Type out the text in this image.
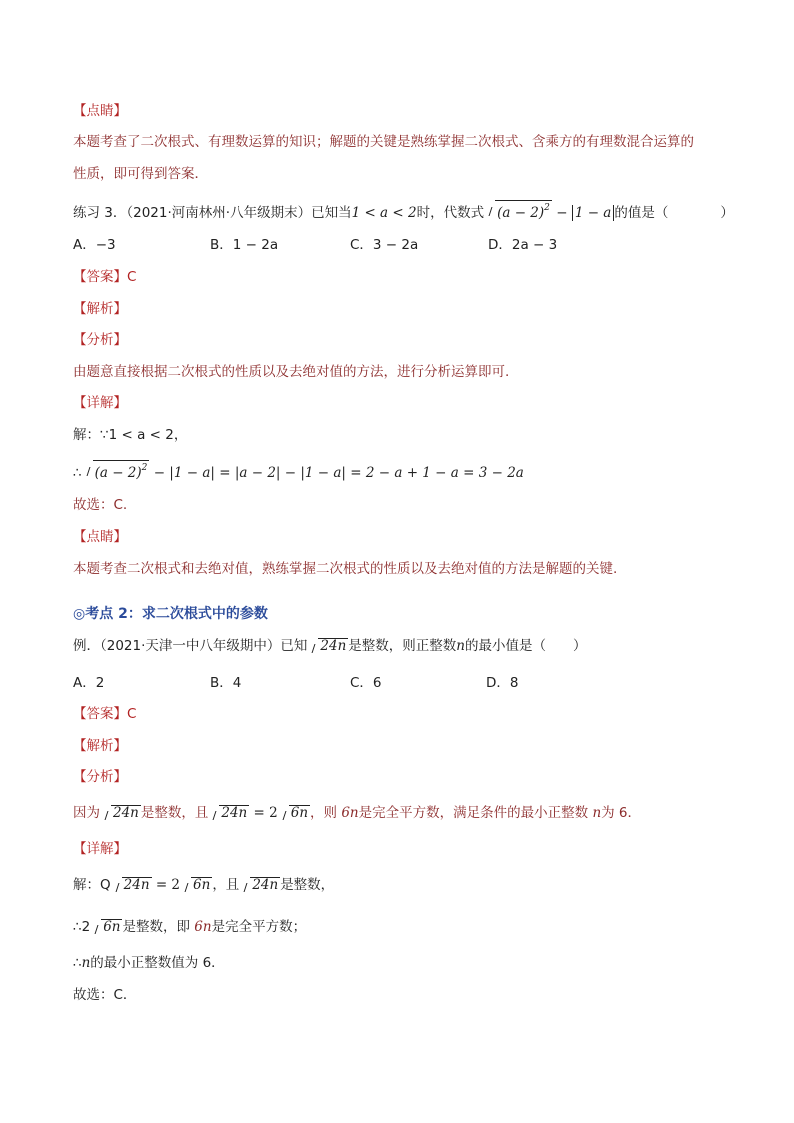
【点睛】
本题考查了二次根式、有理数运算的知识；解题的关键是熟练掌握二次根式、含乘方的有理数混合运算的
性质，即可得到答案．
练习 3．（2021·河南林州·八年级期末）已知当1 < a < 2时，代数式 $(a - 2)^2 - 1 - a$ 的值是（	）
A．−3	B．1 − 2a	C．3 − 2a	D．2a − 3
【答案】C
【解析】
【分析】
由题意直接根据二次根式的性质以及去绝对值的方法，进行分析运算即可.
【详解】
解：∵1 < a < 2，
∴ $(a - 2)^2 - |1 - a| = |a - 2| - |1 - a| = 2 - a + 1 - a = 3 - 2a$
故选：C.
【点睛】
本题考查二次根式和去绝对值，熟练掌握二次根式的性质以及去绝对值的方法是解题的关键.
◎考点 2：求二次根式中的参数
例．（2021·天津一中八年级期中）已知 24n 是整数，则正整数n的最小值是（　　）
A．2	B．4	C．6	D．8
【答案】C
【解析】
【分析】
因为 24n 是整数，且 24n = 2 6n ，则 6n是完全平方数，满足条件的最小正整数 n为 6．
【详解】
解：Q 24n = 2 6n ，且 24n 是整数，
∴2 6n 是整数，即 6n是完全平方数；
∴n的最小正整数值为 6．
故选：C．
